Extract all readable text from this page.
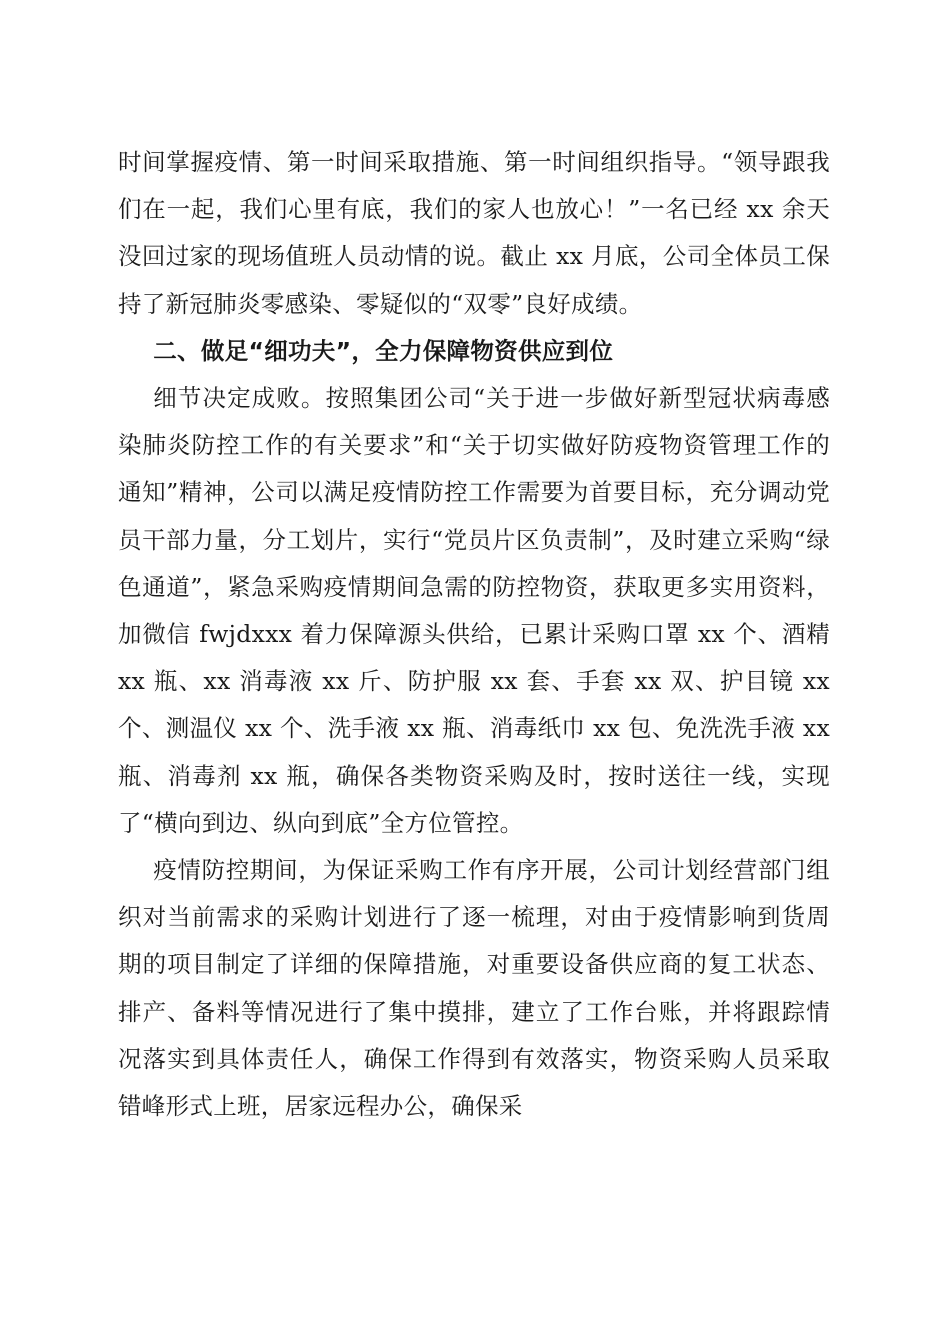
时间掌握疫情、第一时间采取措施、第一时间组织指导。“领导跟我们在一起，我们心里有底，我们的家人也放心！”一名已经 xx 余天没回过家的现场值班人员动情的说。截止 xx 月底，公司全体员工保持了新冠肺炎零感染、零疑似的“双零”良好成绩。

二、做足“细功夫”，全力保障物资供应到位

细节决定成败。按照集团公司“关于进一步做好新型冠状病毒感染肺炎防控工作的有关要求”和“关于切实做好防疫物资管理工作的通知”精神，公司以满足疫情防控工作需要为首要目标，充分调动党员干部力量，分工划片，实行“党员片区负责制”，及时建立采购“绿色通道”，紧急采购疫情期间急需的防控物资，获取更多实用资料，加微信 fwjdxxx 着力保障源头供给，已累计采购口罩 xx 个、酒精 xx 瓶、xx 消毒液 xx 斤、防护服 xx 套、手套 xx 双、护目镜 xx 个、测温仪 xx 个、洗手液 xx 瓶、消毒纸巾 xx 包、免洗洗手液 xx 瓶、消毒剂 xx 瓶，确保各类物资采购及时，按时送往一线，实现了“横向到边、纵向到底”全方位管控。

疫情防控期间，为保证采购工作有序开展，公司计划经营部门组织对当前需求的采购计划进行了逐一梳理，对由于疫情影响到货周期的项目制定了详细的保障措施，对重要设备供应商的复工状态、排产、备料等情况进行了集中摸排，建立了工作台账，并将跟踪情况落实到具体责任人，确保工作得到有效落实，物资采购人员采取错峰形式上班，居家远程办公，确保采
